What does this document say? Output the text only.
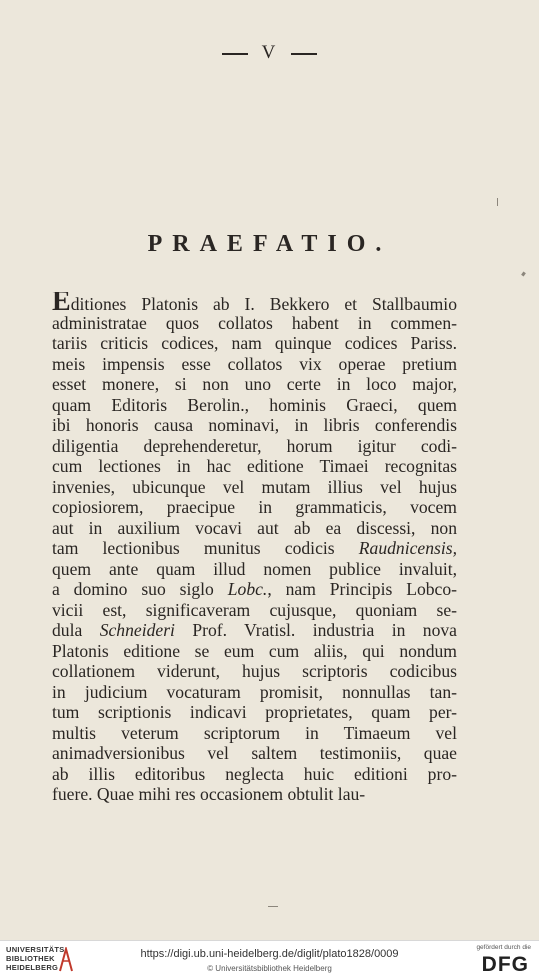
V
PRAEFATIO.
Editiones Platonis ab I. Bekkero et Stallbaumio
administratae quos collatos habent in commen-
tariis criticis codices, nam quinque codices Pariss.
meis impensis esse collatos vix operae pretium
esset monere, si non uno certe in loco major,
quam Editoris Berolin., hominis Graeci, quem
ibi honoris causa nominavi, in libris conferendis
diligentia deprehenderetur, horum igitur codi-
cum lectiones in hac editione Timaei recognitas
invenies, ubicunque vel mutam illius vel hujus
copiosiorem, praecipue in grammaticis, vocem
aut in auxilium vocavi aut ab ea discessi, non
tam lectionibus munitus codicis Raudnicensis,
quem ante quam illud nomen publice invaluit,
a domino suo siglo Lobc., nam Principis Lobco-
vicii est, significaveram cujusque, quoniam se-
dula Schneideri Prof. Vratisl. industria in nova
Platonis editione se eum cum aliis, qui nondum
collationem viderunt, hujus scriptoris codicibus
in judicium vocaturam promisit, nonnullas tan-
tum scriptionis indicavi proprietates, quam per-
multis veterum scriptorum in Timaeum vel
animadversionibus vel saltem testimoniis, quae
ab illis editoribus neglecta huic editioni pro-
fuere. Quae mihi res occasionem obtulit lau-
UNIVERSITÄTS-
BIBLIOTHEK
HEIDELBERG
https://digi.ub.uni-heidelberg.de/diglit/plato1828/0009
© Universitätsbibliothek Heidelberg
gefördert durch die
DFG
